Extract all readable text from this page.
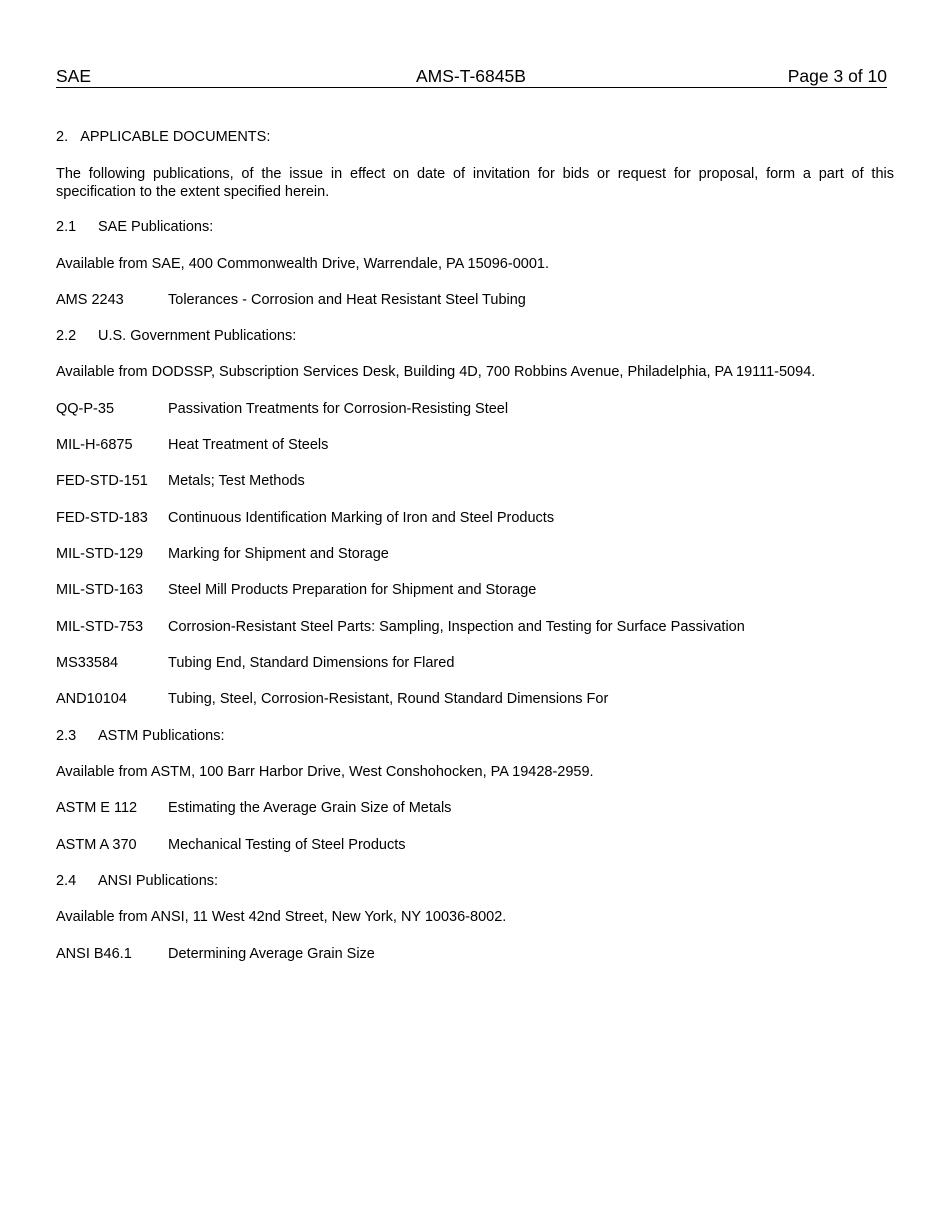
SAE	AMS-T-6845B	Page 3 of 10
2. APPLICABLE DOCUMENTS:
The following publications, of the issue in effect on date of invitation for bids or request for proposal, form a part of this specification to the extent specified herein.
2.1 SAE Publications:
Available from SAE, 400 Commonwealth Drive, Warrendale, PA 15096-0001.
AMS 2243	Tolerances - Corrosion and Heat Resistant Steel Tubing
2.2 U.S. Government Publications:
Available from DODSSP, Subscription Services Desk, Building 4D, 700 Robbins Avenue, Philadelphia, PA 19111-5094.
QQ-P-35	Passivation Treatments for Corrosion-Resisting Steel
MIL-H-6875 Heat Treatment of Steels
FED-STD-151 Metals; Test Methods
FED-STD-183 Continuous Identification Marking of Iron and Steel Products
MIL-STD-129 Marking for Shipment and Storage
MIL-STD-163 Steel Mill Products Preparation for Shipment and Storage
MIL-STD-753 Corrosion-Resistant Steel Parts: Sampling, Inspection and Testing for Surface Passivation
MS33584	Tubing End, Standard Dimensions for Flared
AND10104	Tubing, Steel, Corrosion-Resistant, Round Standard Dimensions For
2.3 ASTM Publications:
Available from ASTM, 100 Barr Harbor Drive, West Conshohocken, PA 19428-2959.
ASTM E 112 Estimating the Average Grain Size of Metals
ASTM A 370 Mechanical Testing of Steel Products
2.4 ANSI Publications:
Available from ANSI, 11 West 42nd Street, New York, NY 10036-8002.
ANSI B46.1 Determining Average Grain Size
